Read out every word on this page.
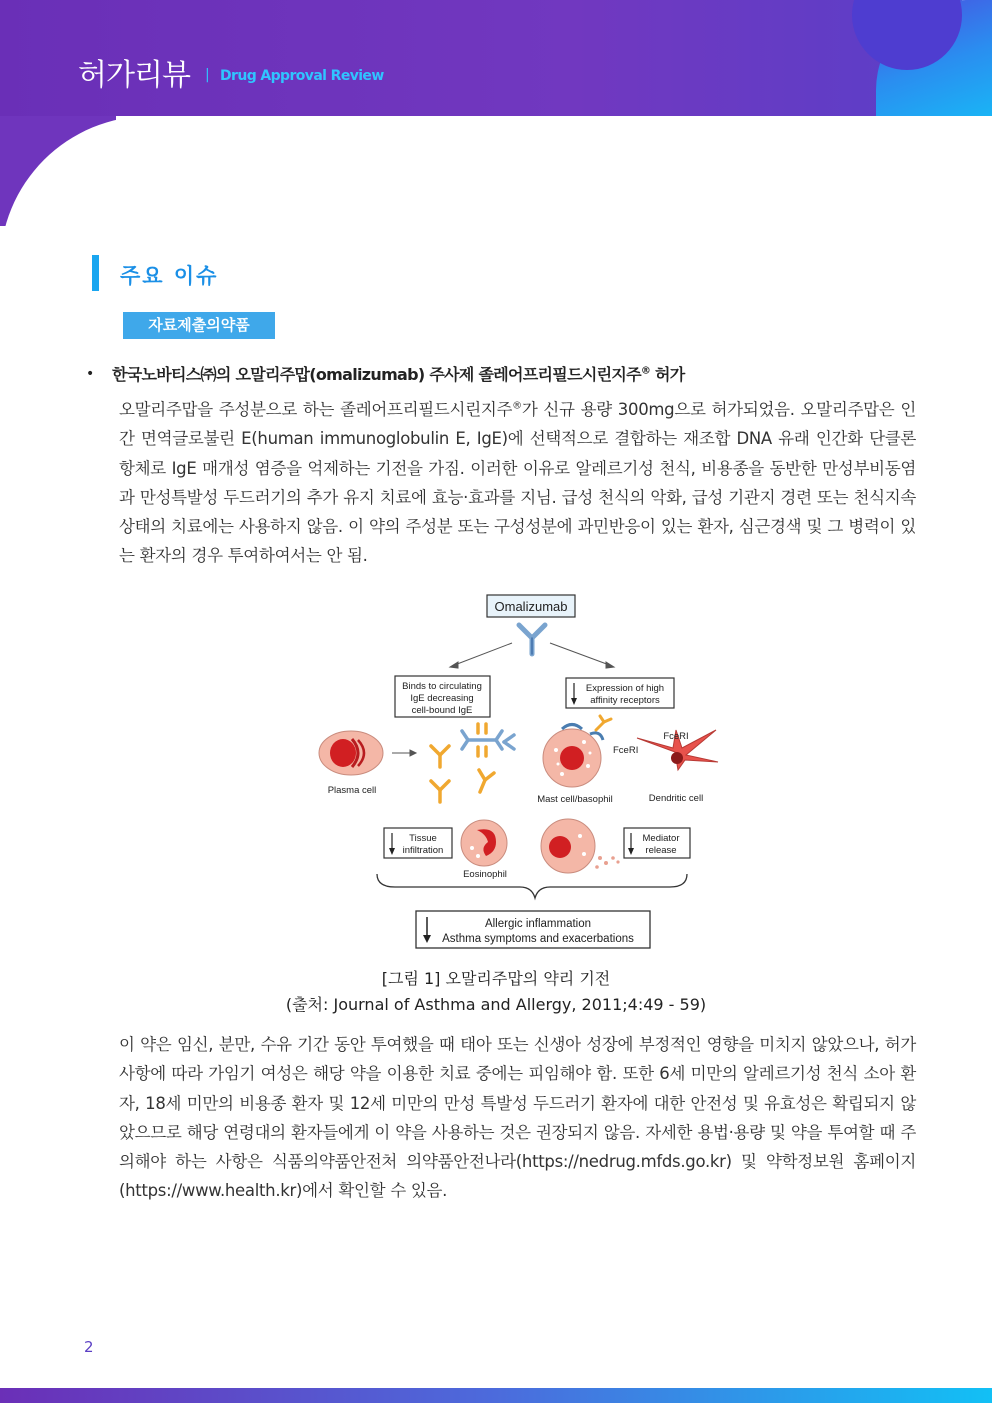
허가리뷰 | Drug Approval Review
주요 이슈
자료제출의약품
• 한국노바티스㈜의 오말리주맙(omalizumab) 주사제 졸레어프리필드시린지주® 허가
오말리주맙을 주성분으로 하는 졸레어프리필드시린지주®가 신규 용량 300mg으로 허가되었음. 오말리주맙은 인간 면역글로불린 E(human immunoglobulin E, IgE)에 선택적으로 결합하는 재조합 DNA 유래 인간화 단클론 항체로 IgE 매개성 염증을 억제하는 기전을 가짐. 이러한 이유로 알레르기성 천식, 비용종을 동반한 만성부비동염과 만성특발성 두드러기의 추가 유지 치료에 효능·효과를 지님. 급성 천식의 악화, 급성 기관지 경련 또는 천식지속상태의 치료에는 사용하지 않음. 이 약의 주성분 또는 구성성분에 과민반응이 있는 환자, 심근경색 및 그 병력이 있는 환자의 경우 투여하여서는 안 됨.
Omalizumab
Binds to circulating
IgE decreasing
cell-bound IgE
Expression of high
affinity receptors
Plasma cell
FceRI
Mast cell/basophil
FceRI
Dendritic cell
Tissue
infiltration
Eosinophil
Mediator
release
Allergic inflammation
Asthma symptoms and exacerbations
[그림 1] 오말리주맙의 약리 기전
(출처: Journal of Asthma and Allergy, 2011;4:49 - 59)
이 약은 임신, 분만, 수유 기간 동안 투여했을 때 태아 또는 신생아 성장에 부정적인 영향을 미치지 않았으나, 허가사항에 따라 가임기 여성은 해당 약을 이용한 치료 중에는 피임해야 함. 또한 6세 미만의 알레르기성 천식 소아 환자, 18세 미만의 비용종 환자 및 12세 미만의 만성 특발성 두드러기 환자에 대한 안전성 및 유효성은 확립되지 않았으므로 해당 연령대의 환자들에게 이 약을 사용하는 것은 권장되지 않음. 자세한 용법·용량 및 약을 투여할 때 주의해야 하는 사항은 식품의약품안전처 의약품안전나라(https://nedrug.mfds.go.kr) 및 약학정보원 홈페이지(https://www.health.kr)에서 확인할 수 있음.
2
